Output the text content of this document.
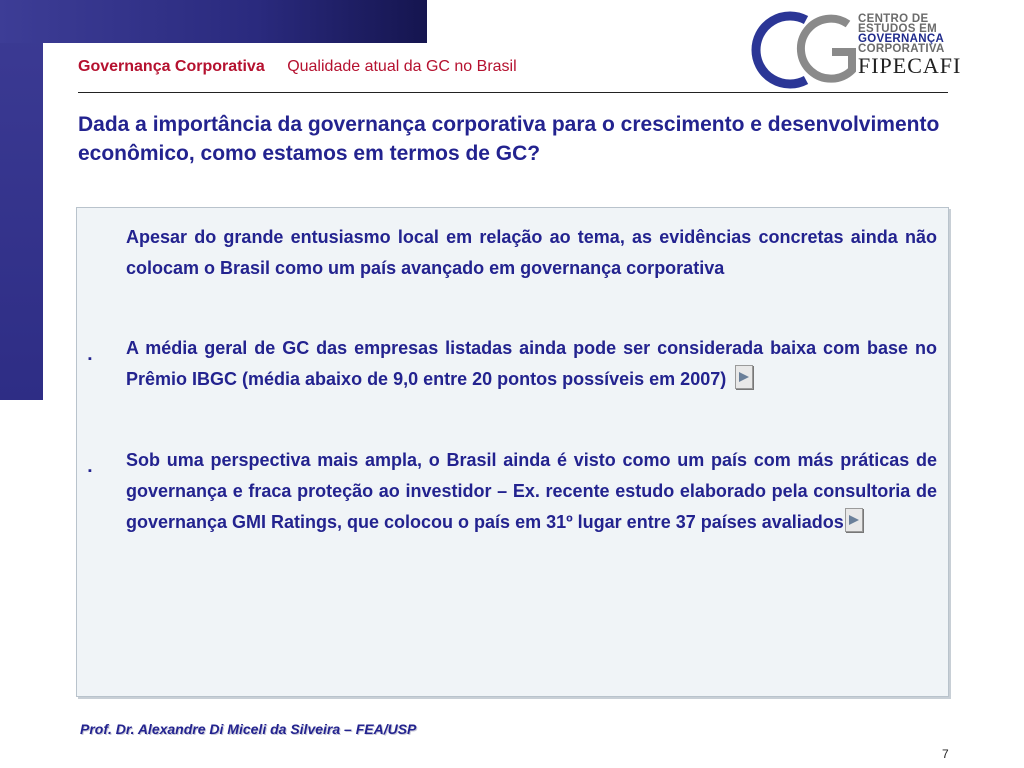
Governança Corporativa Qualidade atual da GC no Brasil
CENTRO DE
ESTUDOS EM
GOVERNANÇA
CORPORATIVA
FIPECAFI
Dada a importância da governança corporativa para o crescimento e desenvolvimento econômico, como estamos em termos de GC?
Apesar do grande entusiasmo local em relação ao tema, as evidências concretas ainda não colocam o Brasil como um país avançado em governança corporativa
▪
A média geral de GC das empresas listadas ainda pode ser considerada baixa com base no Prêmio IBGC (média abaixo de 9,0 entre 20 pontos possíveis em 2007)
▪
Sob uma perspectiva mais ampla, o Brasil ainda é visto como um país com más práticas de governança e fraca proteção ao investidor – Ex. recente estudo elaborado pela consultoria de governança GMI Ratings, que colocou o país em 31º lugar entre 37 países avaliados
Prof. Dr. Alexandre Di Miceli da Silveira – FEA/USP
7
